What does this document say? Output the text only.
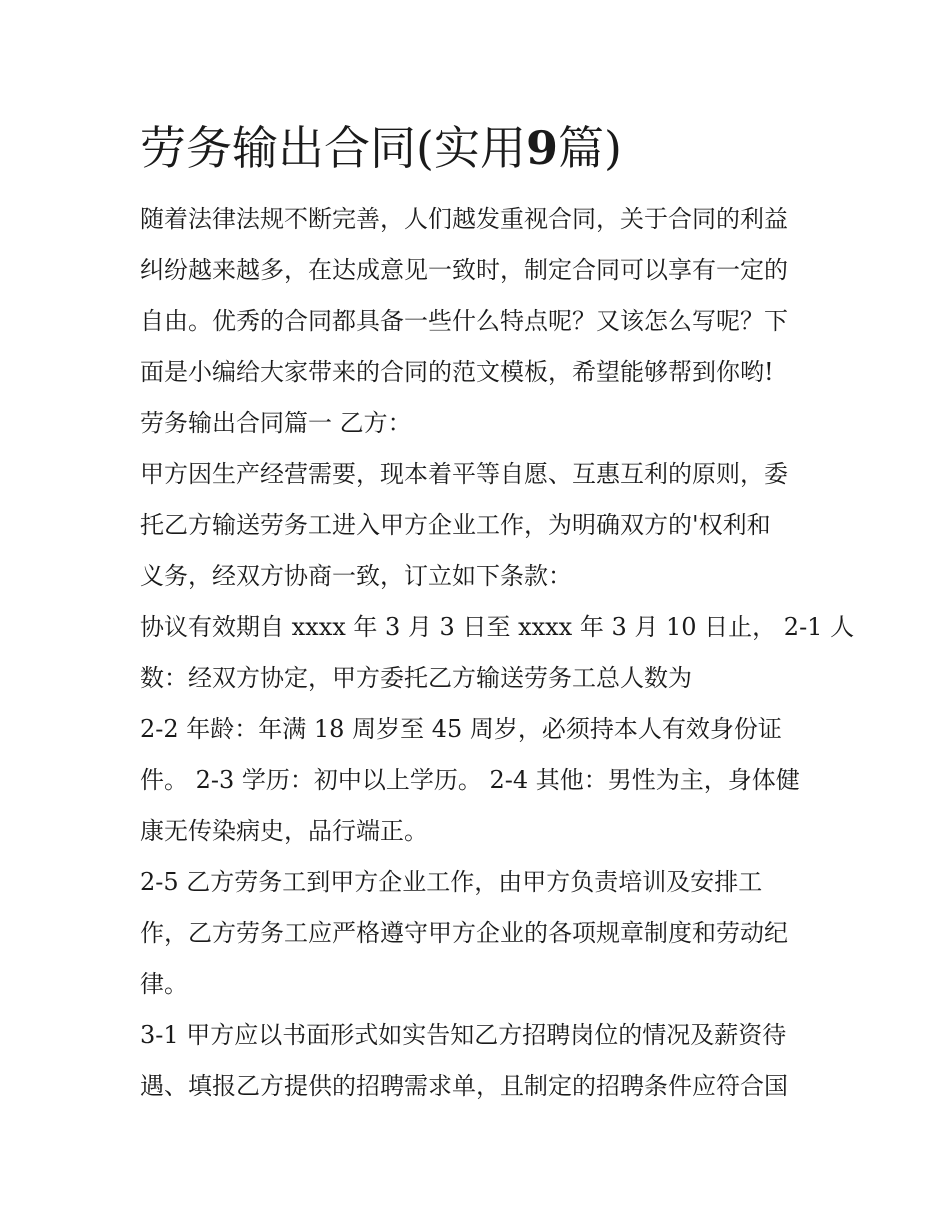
劳务输出合同(实用9篇)

随着法律法规不断完善，人们越发重视合同，关于合同的利益

纠纷越来越多，在达成意见一致时，制定合同可以享有一定的

自由。优秀的合同都具备一些什么特点呢？又该怎么写呢？下

面是小编给大家带来的合同的范文模板，希望能够帮到你哟!

劳务输出合同篇一 乙方：

甲方因生产经营需要，现本着平等自愿、互惠互利的原则，委

托乙方输送劳务工进入甲方企业工作，为明确双方的'权利和

义务，经双方协商一致，订立如下条款：

协议有效期自 xxxx 年 3 月 3 日至 xxxx 年 3 月 10 日止， 2-1 人

数：经双方协定，甲方委托乙方输送劳务工总人数为

2-2 年龄：年满 18 周岁至 45 周岁，必须持本人有效身份证

件。 2-3 学历：初中以上学历。 2-4 其他：男性为主，身体健

康无传染病史，品行端正。

2-5 乙方劳务工到甲方企业工作，由甲方负责培训及安排工

作，乙方劳务工应严格遵守甲方企业的各项规章制度和劳动纪

律。

3-1 甲方应以书面形式如实告知乙方招聘岗位的情况及薪资待

遇、填报乙方提供的招聘需求单，且制定的招聘条件应符合国
